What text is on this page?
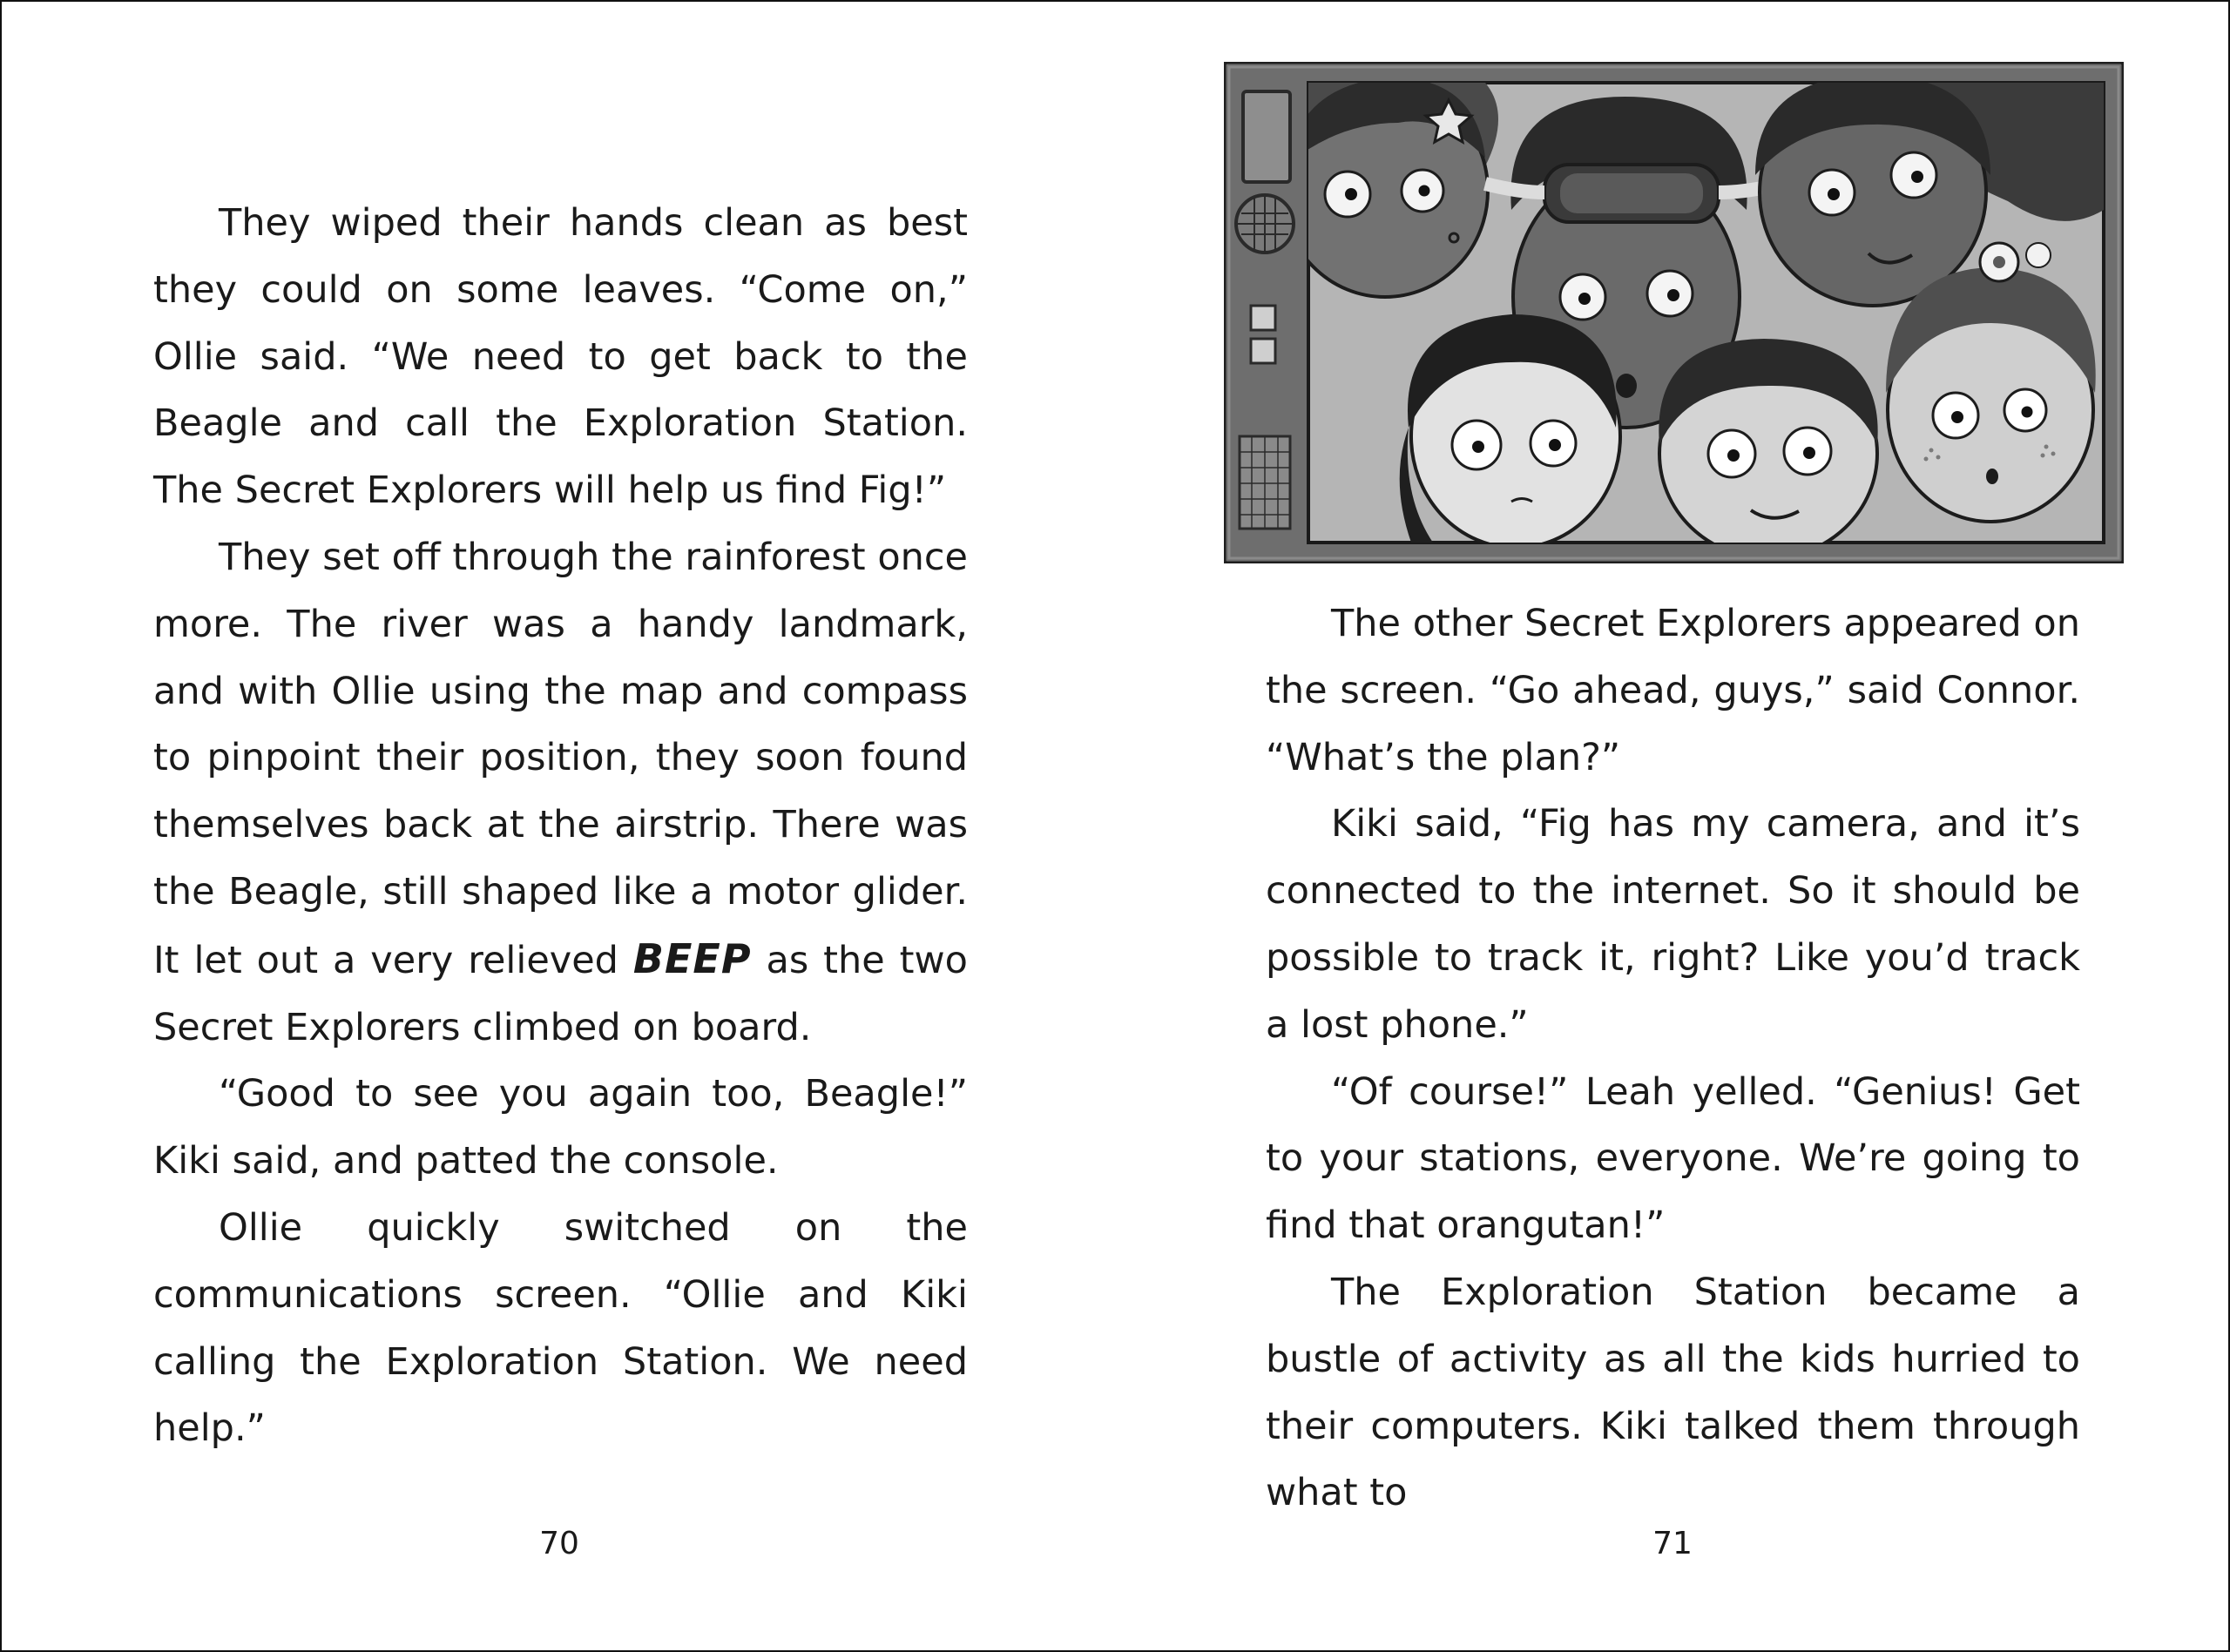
They wiped their hands clean as best they could on some leaves. “Come on,” Ollie said. “We need to get back to the Beagle and call the Exploration Station. The Secret Explorers will help us find Fig!”

They set off through the rainforest once more. The river was a handy landmark, and with Ollie using the map and compass to pinpoint their position, they soon found themselves back at the airstrip. There was the Beagle, still shaped like a motor glider. It let out a very relieved BEEP as the two Secret Explorers climbed on board.

“Good to see you again too, Beagle!” Kiki said, and patted the console.

Ollie quickly switched on the communications screen. “Ollie and Kiki calling the Exploration Station. We need help.”

70

The other Secret Explorers appeared on the screen. “Go ahead, guys,” said Connor. “What’s the plan?”

Kiki said, “Fig has my camera, and it’s connected to the internet. So it should be possible to track it, right? Like you’d track a lost phone.”

“Of course!” Leah yelled. “Genius! Get to your stations, everyone. We’re going to find that orangutan!”

The Exploration Station became a bustle of activity as all the kids hurried to their computers. Kiki talked them through what to

71
